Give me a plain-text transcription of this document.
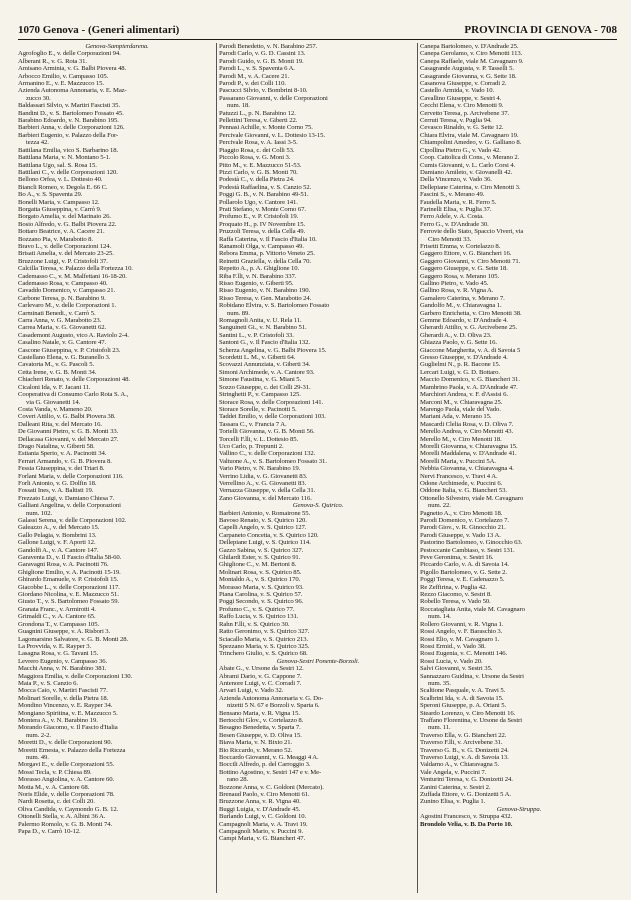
1070 Genova - (Generi alimentari)	PROVINCIA DI GENOVA - 708
Genova-Sampierdarena.
Agrofoglio E., v. delle Corporazioni 94.
Alberani R., v. G. Rota 31.
Amisano Arminia, v. G. Balbi Piovera 48.
Arbocco Emilio, v. Campasso 105.
Armanino E., v. E. Mazzucco 15.
Azienda Autonoma Annonaria, v. E. Maz-
zucco 30.
Baldassari Silvio, v. Martiri Fascisti 35.
Bandini D., v. S. Bartolomeo Fossato 45.
Barabino Edoardo, v. N. Barabino 195.
Barbieri Anna, v. delle Corporazioni 126.
Barbieri Eugenio, v. Palazzo della For-
tezza 42.
Battilana Emilia, vico S. Barbarino 18.
Battilana Maria, v. N. Montano 5-1.
Battilana Ugo, sal. S. Rosa 15.
Battilani C., v. delle Corporazioni 120.
Bellono Orfea, v. L. Dottesio 40.
Biancli Romeo, v. Degola E. 66 C.
Bo A., v. S. Spaventa 29.
Bonelli Maria, v. Campasso 12.
Borgatta Giuseppina, v. Carrò 9.
Borgato Amelia, v. del Marinaio 26.
Bosio Alfredo, v. G. Balbi Piovera 22.
Bottaro Beatrice, v. A. Cacere 21.
Bozzano Pia, v. Marabotto 8.
Bravo L., v. delle Corporazioni 124.
Brisati Amelia, v. del Mercato 23-25.
Bruzzone Luigi, v. P. Cristofoli 37.
Calcilla Teresa, v. Palazzo della Fortezza 10.
Cademasso C., v. M. Malfettani 16-18-20.
Cademasso Rosa, v. Campasso 40.
Cavaddo Domenico, v. Campasso 21.
Carbone Teresa, p. N. Barabino 9.
Carlevaro M., v. delle Corporazioni 1.
Carminati Benedi., v. Carrò 5.
Carra Anna, v. G. Marabotto 23.
Carrea Maria, v. G. Giovanetti 62.
Casademont Augusto, vico A. Raviolo 2-4.
Casalino Natale, v. G. Cantore 47.
Cascone Giuseppina, v. P. Cristofoli 23.
Castellano Elena, v. G. Buranello 3.
Cavatorta M., v. G. Pascoli 5.
Cetta Irene, v. G. B. Monti 34.
Chiacheri Renato, v. delle Corporazioni 48.
Cicaloni Ida, v. F. Jacani 11.
Cooperativa di Consumo Carlo Rota S. A.,
via G. Giovanetti 14.
Costa Vanda, v. Mameno 20.
Coveri Attilio, v. G. Balbi Piovera 38.
Dalleani Rita, v. del Mercato 16.
De Giovanni Pietro, v. G. B. Monti 33.
Dellacasa Giovanni, v. del Mercato 27.
Drago Natalina, v. Giberti 58.
Estiania Sperio, v. A. Pacinotti 34.
Ferrari Armando, v. G. B. Piovera 8.
Fessia Giuseppina, v. dei Triari 8.
Forlani Maria, v. delle Corporazioni 116.
Forli Antonio, v. G. Dolfin 18.
Fossati Ines, v. A. Baltisti 19.
Frezzato Luigi, v. Damiano Chiesa 7.
Galliani Angelina, v. delle Corporazioni
num. 102.
Galassi Serena, v. delle Corporazioni 102.
Galeazzo A., v. del Mercato 15.
Gallo Pelagia, v. Bombrini 13.
Gallone Luigi, v. F. Aporti 12.
Gandolfi A., v. A. Cantore 147.
Garaventa D., v. Il Fascio d'Italia 58-60.
Garavagni Rosa, v. A. Pacinotti 76.
Ghiglione Emilio, v. A. Pacinotti 15-19.
Ghirardo Emanuele, v. P. Cristofoli 15.
Giacobbe L., v. delle Corporazioni 117.
Giordano Nicolina, v. E. Mazzucco 51.
Giusto T., v. S. Bartolomeo Fossato 59.
Granata Franc., v. Armirotti 4.
Grimaldi C., v. A. Cantore 65.
Grondona T., v. Campasso 105.
Guagnini Giuseppe, v. A. Risbori 3.
Lagomarsino Salvatore, v. G. B. Monti 28.
La Provvida, v. E. Rayper 3.
Lasagna Rosa, v. G. Tavani 15.
Levrero Eugenio, v. Campasso 36.
Macchi Anna, v. N. Barabino 381.
Maggiora Emilia, v. delle Corporazioni 130.
Maia P., v. S. Canzio 6.
Mocca Caio, v. Martiri Fascisti 77.
Molinari Sorelle, v. della Pietra 18.
Mondino Vincenzo, v. E. Rayper 34.
Mongiano Spiritina, v. E. Mazzucco 5.
Montera A., v. N. Barabino 19.
Morando Giacomo, v. Il Fascio d'Italia
num. 2-2.
Moretti D., v. delle Corporazioni 90.
Moretti Ernesta, v. Palazzo della Fortezza
num. 49.
Morgavi E., v. delle Corporazioni 55.
Mossi Tecla, v. P. Chiesa 89.
Morasso Angiolina, v. A. Cantore 60.
Motta M., v. A. Cantore 68.
Noris Elide, v. delle Corporazioni 78.
Nardi Rosetta, c. dei Colli 20.
Oliva Candida, v. Caymondo G. B. 12.
Ottonelli Stella, v. A. Albini 36 A.
Palermo Romolo, v. G. B. Monti 74.
Papa D., v. Carrò 10-12.
Parodi Benedetto, v. N. Barabino 257.
Parodi Carlo, v. G. D. Cassini 13.
Parodi Guido, v. G. B. Monti 19.
Parodi L., v. S. Spaventa 6 A.
Parodi M., v. A. Cacere 21.
Parodi P., v. dei Colli 110.
Pascucci Silvio, v. Bombrini 8-10.
Passarano Giovanni, v. delle Corporazioni
num. 18.
Patuzzi L., p. N. Barabino 12.
Pellettini Teresa, v. Giberti 22.
Pennasi Achille, v. Monte Corno 75.
Percivale Giovanni, v. L. Dottesio 13-15.
Percivale Rosa, v. A. Iassi 3-5.
Piaggio Rosa, c. dei Colli 53.
Piccolo Rosa, v. G. Moni 3.
Pitto M., v. E. Mazzucco 51-53.
Pizzi Carlo, v. G. B. Monti 70.
Podestà C., v. della Pietra 24.
Podestà Raffaelina, v. S. Canzio 52.
Poggi G. B., v. N. Barabino 49-51.
Pollarolo Ugo, v. Cantore 141.
Prati Stefano, v. Monte Corno 67.
Profumo E., v. P. Cristofoli 19.
Proquato H., p. IV Novembre 15.
Pruzzoli Teresa, v. della Cella 49.
Raffa Caterina, v. Il Fascio d'Italia 10.
Ranamoli Olga, v. Campasso 49.
Rebora Emma, p. Vittorio Veneto 25.
Reinetti Graziella, v. della Cella 70.
Repetto A., p. A. Ghiglione 10.
Riba F.lli, v. N. Barabino 337.
Risso Eugenio, v. Giberti 95.
Risso Eugenio, v. N. Barabino 190.
Risso Teresa, v. Gen. Marabotto 24.
Robidano Elvira, v. S. Bartolomeo Fossato
num. 89.
Romagnoli Anita, v. U. Rela 11.
Sanguineti Gi., v. N. Barabino 51.
Santini L., v. P. Cristofoli 33.
Santoni G., v. Il Fascio d'Italia 132.
Scherza Angelina, v. G. Balbi Piovera 15.
Scordetti L. M., v. Giberti 64.
Scovazzi Annunziata, v. Giberti 34.
Simoni Archimede, v. A. Cantore 93.
Simone Faustina, v. G. Miani 5.
Sozzo Giuseppe, c. dei Colli 29-31.
Stringhetti P., v. Campasso 125.
Storace Rosa, v. delle Corporazioni 141.
Storace Sorelle, v. Pacinotti 5.
Taddei Emilio, v. delle Corporazioni 103.
Tassara C., v. Francia 7 A.
Torielli Giovanna, v. G. B. Monti 56.
Torcelli F.lli, v. L. Dottesio 85.
Uco Carlo, p. Trepunti 2.
Vallino C., v. delle Corporazioni 132.
Valtuone A., v. S. Bartolomeo Fossato 31.
Vario Pietro, v. N. Barabino 19.
Verrino Lidia, v. G. Giovanetti 83.
Verrellino A., v. G. Giovanetti 83.
Vernazza Giuseppe, v. della Cella 31.
Zano Giovanna, v. del Mercato 116.
Genova-S. Quirico.
Barbieri Antonio, v. Romairone 55.
Bavoso Renato, v. S. Quirico 120.
Capelli Angelo, v. S. Quirico 127.
Carpaneto Concetta, v. S. Quirico 120.
Dellepiane Luigi, v. S. Quirico 114.
Gazzo Sabina, v. S. Quirico 327.
Ghilardi Ester, v. S. Quirico 91.
Ghiglione C., v. M. Bertoni 8.
Molinari Rosa, v. S. Quirico 85.
Montaldo A., v. S. Quirico 170.
Morasso Maria, v. S. Quirico 93.
Piana Carolina, v. S. Quirico 57.
Poggi Secondo, v. S. Quirico 96.
Profumo C., v. S. Quirico 77.
Raffo Lucia, v. S. Quirico 131.
Rahn F.lli, v. S. Quirico 30.
Ratto Geronimo, v. S. Quirico 327.
Sciacallo Maria, v. S. Quirico 213.
Spezzano Maria, v. S. Quirico 325.
Trinchero Giulio, v. S. Quirico 68.
Genova-Sestri Ponente-Borzoli.
Abate G., v. Ursone da Sestri 12.
Abrami Dario, v. G. Cappone 7.
Antenore Luigi, v. C. Corradi 7.
Arvari Luigi, v. Vado 32.
Azienda Autonoma Annonaria v. G. Do-
nizetti 5 N. 67 e Borzoli v. Sparta 6.
Bensano Maria, v. R. Vigna 15.
Bertocchi Glov., v. Cortelazzo 8.
Besagno Benedetta, v. Sparta 7.
Besen Giuseppe, v. D. Oliva 15.
Biava Maria, v. N. Bixio 21.
Bio Riccardo, v. Merano 52.
Boccardo Giovanni, v. G. Meaggi 4 A.
Boccili Alfredo, p. del Carroggio 3.
Bottino Agostino, v. Sestri 147 e v. Me-
rano 28.
Bozzone Anna, v. C. Goldoni (Mercato).
Brenaud Paolo, v. Ciro Menotti 61.
Bruzzone Anna, v. R. Vigna 40.
Buggi Luigia, v. D'Andrade 45.
Burlando Luigi, v. C. Goldoni 10.
Campagnoli Maria, v. A. Travi 19.
Campagnoli Mario, v. Puccini 9.
Campi Maria, v. G. Biancheri 47.
Canepa Bartolomeo, v. D'Andrade 25.
Canepa Gerolamo, v. Ciro Menotti 113.
Canepa Raffaele, viale M. Cavagnaro 9.
Casagrande Augusta, v. P. Tasselli 5.
Casagrande Giovanna, v. G. Sette 18.
Casanova Giuseppe, v. Corradi 2.
Castello Armida, v. Vado 10.
Cavallino Giuseppe, v. Sestri 4.
Cecchi Elena, v. Ciro Menotti 9.
Cervetto Teresa, p. Arcivebene 37.
Cerruti Teresa, v. Puglia 94.
Cevasco Rinaldo, v. G. Sette 12.
Chiara Elvira, viale M. Cavagnaro 19.
Chiampolini Amedeo, v. G. Galliano 8.
Cipollina Pietro G., v. Vado 42.
Coop. Cattolica di Cons., v. Merano 2.
Cumis Giovanni, v. L. Carlo Corsi 4.
Damiano Amileto, v. Giovanelli 42.
Della Vincenzo, v. Vado 36.
Dellepiane Caterina, v. Ciro Menotti 3.
Fascini S., v. Merano 49.
Faudella Maria, v. R. Ferro 5.
Farinelli Elisa, v. Puglia 37.
Ferro Adele, v. A. Costa.
Ferro G., v. D'Andrade 30.
Ferrovie dello Stato, Spaccio Viveri, via
Ciro Menotti 33.
Frisetti Emma, v. Cortelazzo 8.
Gaggero Ettore, v. G. Biancheri 16.
Gaggero Giovanni, v. Ciro Menotti 71.
Gaggero Giuseppe, v. G. Sette 18.
Gaggero Rosa, v. Merano 105.
Gallino Pietro, v. Vado 45.
Gallino Rosa, v. R. Vigna A.
Gamalero Caterina, v. Merano 7.
Gandolfo M., v. Chiaravagna 1.
Garbero Enrichetta, v. Ciro Menotti 38.
Gemme Edoardo, v. D'Andrade 4.
Gherardi Attilio, v. G. Arcivebene 25.
Gherardi A., v. D. Oliva 23.
Ghiazza Paolo, v. G. Sette 16.
Giaccone Margherita, v. A. di Savoia 5
Gresso Giuseppe, v. D'Andrade 4.
Guglielmi N., p. R. Bacone 15.
Lercari Luigi, v. G. D. Bottaro.
Maccio Domenico, v. G. Biancheri 31.
Mambrino Paola, v. A. D'Andrade 47.
Marchiori Andrea, v. F. d'Assisi 6.
Marconi M., v. Chiaravagna 25.
Marengo Paola, viale del Vado.
Mariani Ada, v. Merano 15.
Mascardi Clelia Rosa, v. D. Oliva 7.
Merello Andrea, v. Ciro Menotti 43.
Merello M., v. Ciro Menotti 18.
Morelli Giovanna, v. Chiaravagna 15.
Morelli Maddalena, v. D'Andrade 41.
Morelli Maria, v. Puccini 5A.
Nebbia Giovanna, v. Chiaravagna 4.
Nervi Francesco, v. Travi 4 A.
Odone Archimede, v. Puccini 6.
Oddone Italia, v. G. Biancheri 53.
Ottonello Silvestro, viale M. Cavagnaro
num. 22.
Pagnetto A., v. Ciro Menotti 18.
Parodi Domenico, v. Cortelazzo 7.
Parodi Giov., v. R. Ginocchio 21.
Parodi Giuseppe, v. Vado 13 A.
Pastorino Bartolomeo, v. Ginocchio 63.
Pestoccante Cambiaso, v. Sestri 131.
Peve Geronima, v. Sestri 16.
Piccardo Carlo, v. A. di Savoia 14.
Pigollo Bartolomeo, v. G. Sette 2.
Poggi Teresa, v. E. Cadenazzo 5.
Re Zeffirina, v. Puglia 42.
Rezzo Giacomo, v. Sestri 8.
Robello Teresa, v. Vado 50.
Roccatagliata Anita, viale M. Cavagnaro
num. 14.
Rollero Giovanni, v. R. Vigna 1.
Rossi Angelo, v. F. Baraschio 3.
Rossi Elio, v. M. Cavagnaro 1.
Rossi Ermid., v. Vado 38.
Rossi Eugenia, v. C. Menotti 146.
Rossi Lucia, v. Vado 20.
Salvi Giovanni, v. Sestri 35.
Sannazzaro Guidina, v. Ursone da Sestri
num. 35.
Scaltione Pasquale, v. A. Travi 5.
Scalbrini Ida, v. A. di Savoia 15.
Speroni Giuseppe, p. A. Oriani 5.
Steardo Lorenzo, v. Ciro Menotti 16.
Traffano Florentina, v. Ursone da Sestri
num. 11.
Traverso Ella, v. G. Biancheri 22.
Traverso F.lli, v. Arcivebene 31.
Traverso G. B., v. G. Donizetti 24.
Traverso Luigi, v. A. di Savoia 13.
Valdarno A., v. Chiaravagna 5.
Vale Angela, v. Puccini 7.
Venturini Teresa, v. G. Donizetti 24.
Zanini Caterina, v. Sestri 2.
Zuffada Ettore, v. G. Donizetti 5 A.
Zunino Elisa, v. Puglia 1.
Genova-Struppa.
Agostini Francesco, v. Struppa 432.
Brondolo Velia, v. B. Da Porto 10.
